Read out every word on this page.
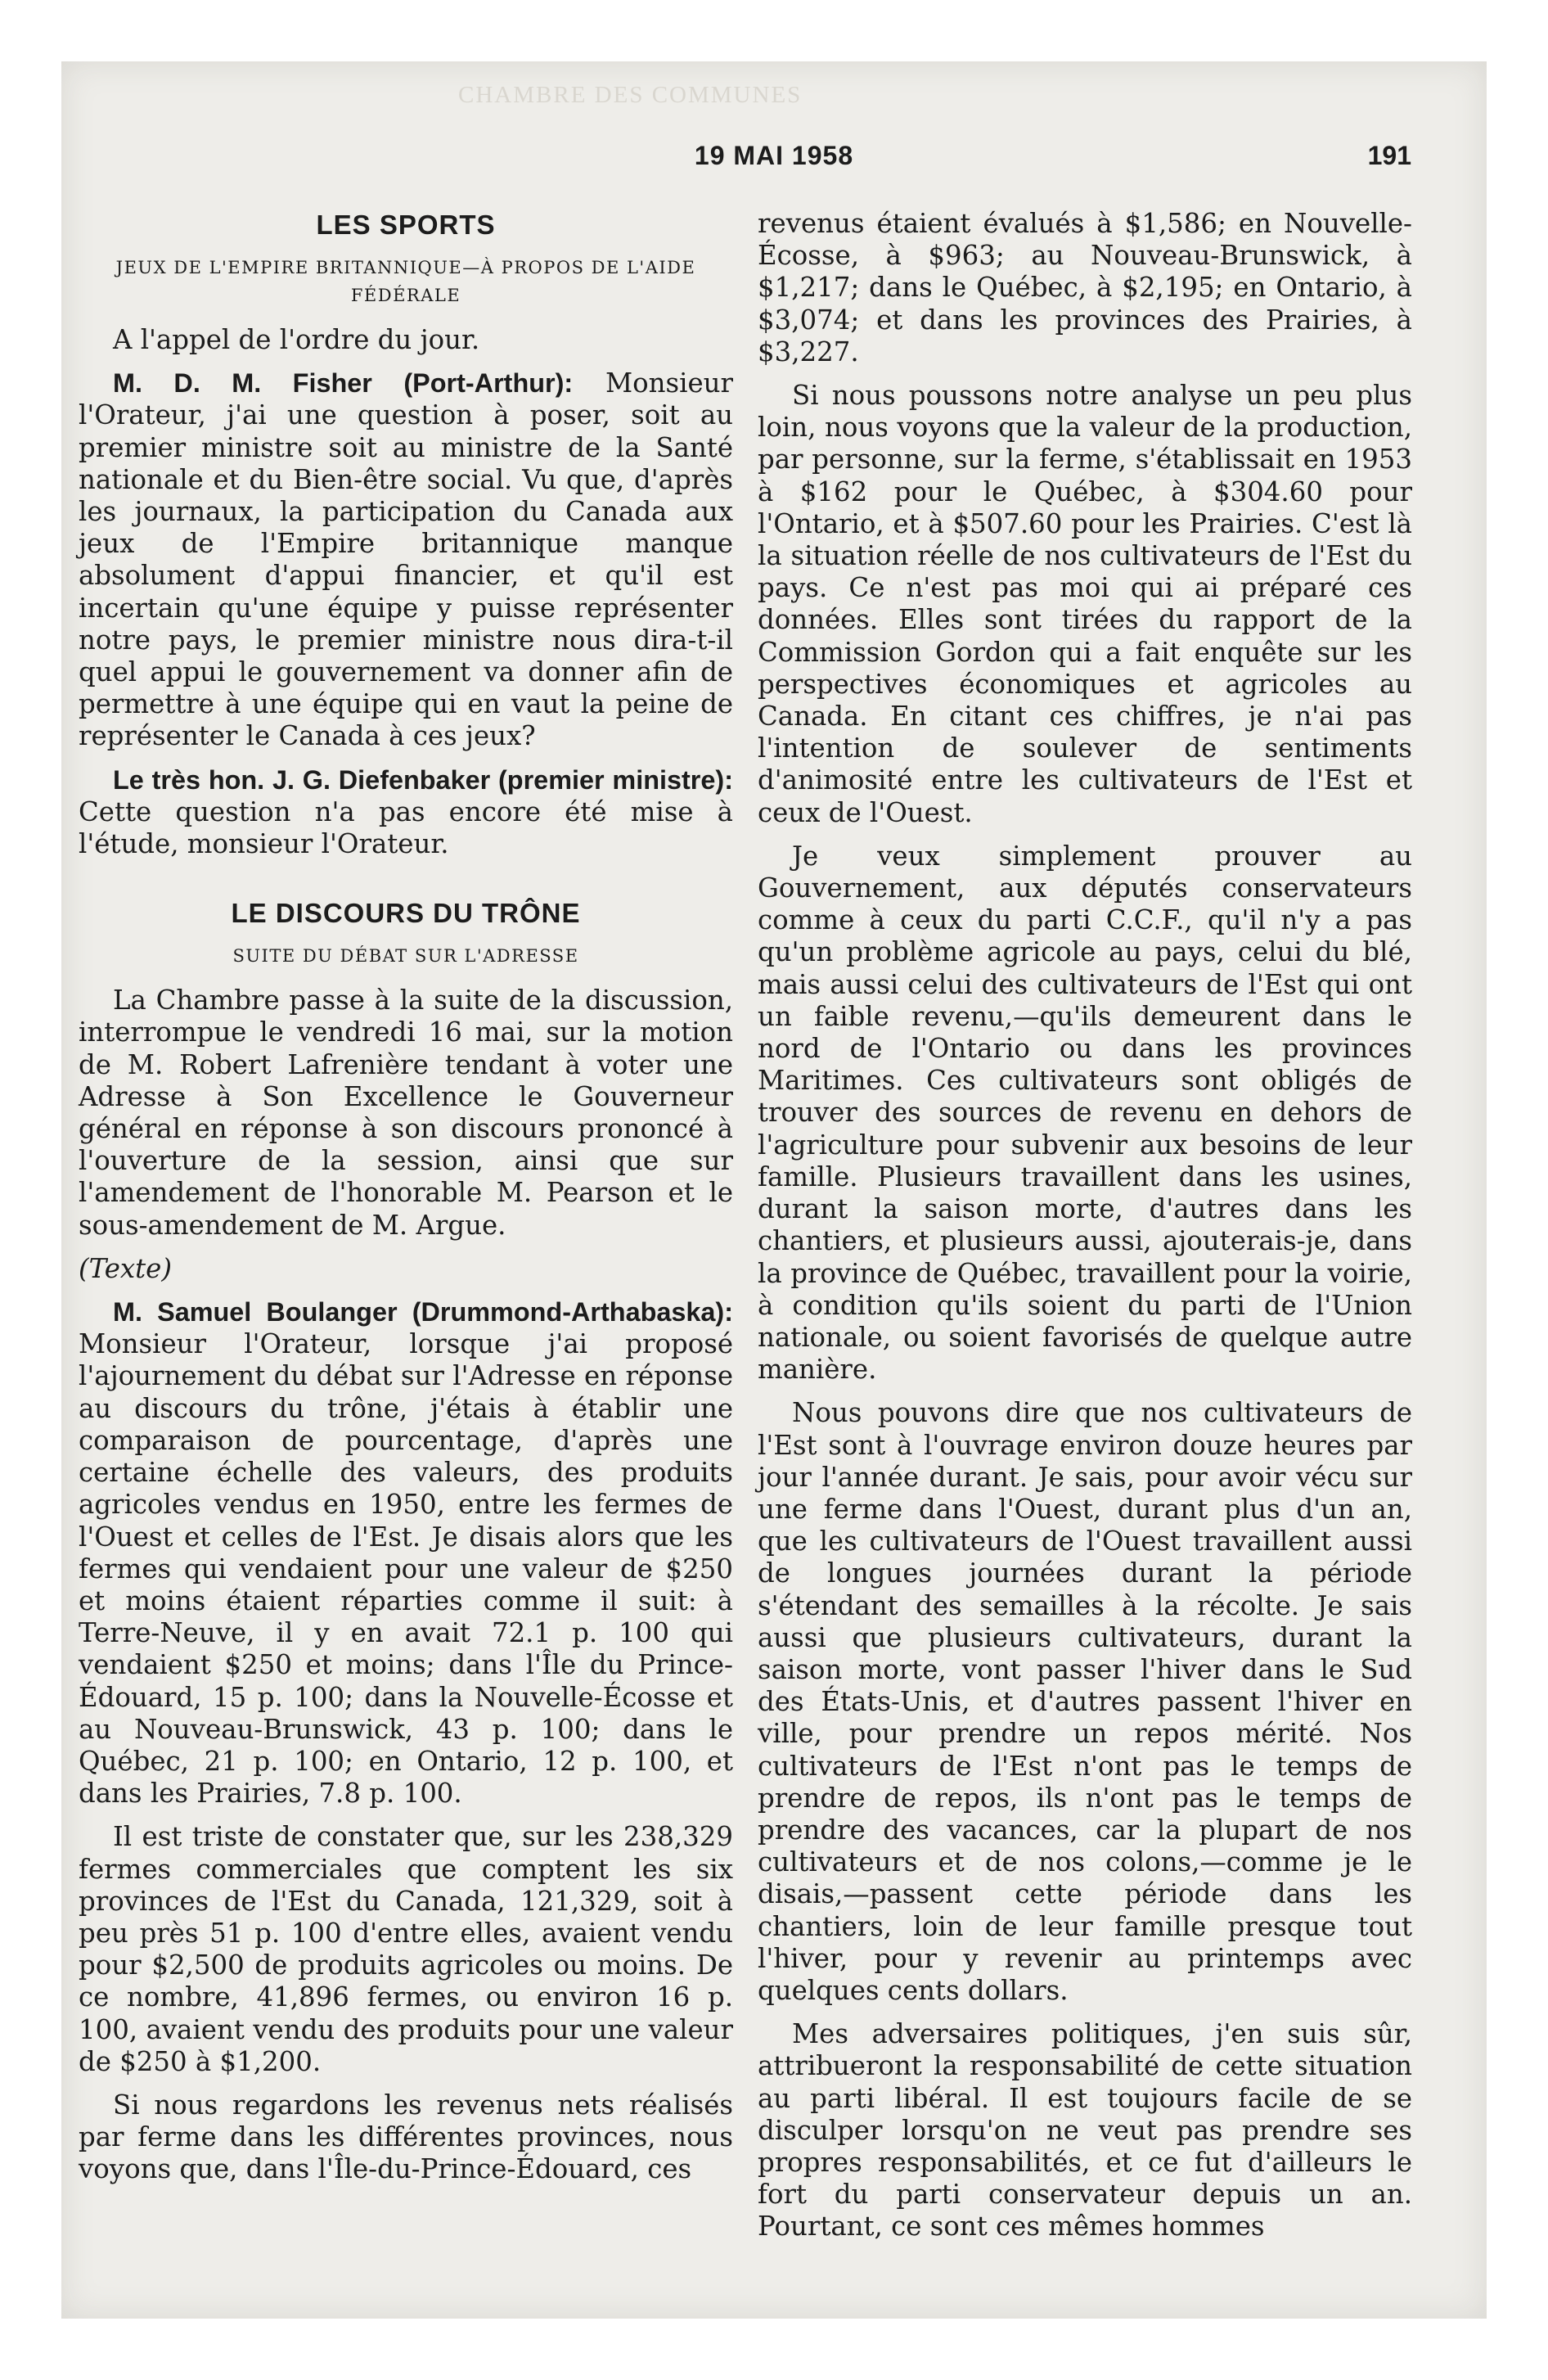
CHAMBRE DES COMMUNES
19 MAI 1958	191
LES SPORTS
JEUX DE L'EMPIRE BRITANNIQUE—À PROPOS DE L'AIDE FÉDÉRALE

A l'appel de l'ordre du jour.

M. D. M. Fisher (Port-Arthur): Monsieur l'Orateur, j'ai une question à poser, soit au premier ministre soit au ministre de la Santé nationale et du Bien-être social. Vu que, d'après les journaux, la participation du Canada aux jeux de l'Empire britannique manque absolument d'appui financier, et qu'il est incertain qu'une équipe y puisse représenter notre pays, le premier ministre nous dira-t-il quel appui le gouvernement va donner afin de permettre à une équipe qui en vaut la peine de représenter le Canada à ces jeux?

Le très hon. J. G. Diefenbaker (premier ministre): Cette question n'a pas encore été mise à l'étude, monsieur l'Orateur.

LE DISCOURS DU TRÔNE
SUITE DU DÉBAT SUR L'ADRESSE

La Chambre passe à la suite de la discussion, interrompue le vendredi 16 mai, sur la motion de M. Robert Lafrenière tendant à voter une Adresse à Son Excellence le Gouverneur général en réponse à son discours prononcé à l'ouverture de la session, ainsi que sur l'amendement de l'honorable M. Pearson et le sous-amendement de M. Argue.

(Texte)

M. Samuel Boulanger (Drummond-Arthabaska): Monsieur l'Orateur, lorsque j'ai proposé l'ajournement du débat sur l'Adresse en réponse au discours du trône, j'étais à établir une comparaison de pourcentage, d'après une certaine échelle des valeurs, des produits agricoles vendus en 1950, entre les fermes de l'Ouest et celles de l'Est. Je disais alors que les fermes qui vendaient pour une valeur de $250 et moins étaient réparties comme il suit: à Terre-Neuve, il y en avait 72.1 p. 100 qui vendaient $250 et moins; dans l'Île du Prince-Édouard, 15 p. 100; dans la Nouvelle-Écosse et au Nouveau-Brunswick, 43 p. 100; dans le Québec, 21 p. 100; en Ontario, 12 p. 100, et dans les Prairies, 7.8 p. 100.

Il est triste de constater que, sur les 238,329 fermes commerciales que comptent les six provinces de l'Est du Canada, 121,329, soit à peu près 51 p. 100 d'entre elles, avaient vendu pour $2,500 de produits agricoles ou moins. De ce nombre, 41,896 fermes, ou environ 16 p. 100, avaient vendu des produits pour une valeur de $250 à $1,200.

Si nous regardons les revenus nets réalisés par ferme dans les différentes provinces, nous voyons que, dans l'Île-du-Prince-Édouard, ces

revenus étaient évalués à $1,586; en Nouvelle-Écosse, à $963; au Nouveau-Brunswick, à $1,217; dans le Québec, à $2,195; en Ontario, à $3,074; et dans les provinces des Prairies, à $3,227.

Si nous poussons notre analyse un peu plus loin, nous voyons que la valeur de la production, par personne, sur la ferme, s'établissait en 1953 à $162 pour le Québec, à $304.60 pour l'Ontario, et à $507.60 pour les Prairies. C'est là la situation réelle de nos cultivateurs de l'Est du pays. Ce n'est pas moi qui ai préparé ces données. Elles sont tirées du rapport de la Commission Gordon qui a fait enquête sur les perspectives économiques et agricoles au Canada. En citant ces chiffres, je n'ai pas l'intention de soulever de sentiments d'animosité entre les cultivateurs de l'Est et ceux de l'Ouest.

Je veux simplement prouver au Gouvernement, aux députés conservateurs comme à ceux du parti C.C.F., qu'il n'y a pas qu'un problème agricole au pays, celui du blé, mais aussi celui des cultivateurs de l'Est qui ont un faible revenu,—qu'ils demeurent dans le nord de l'Ontario ou dans les provinces Maritimes. Ces cultivateurs sont obligés de trouver des sources de revenu en dehors de l'agriculture pour subvenir aux besoins de leur famille. Plusieurs travaillent dans les usines, durant la saison morte, d'autres dans les chantiers, et plusieurs aussi, ajouterais-je, dans la province de Québec, travaillent pour la voirie, à condition qu'ils soient du parti de l'Union nationale, ou soient favorisés de quelque autre manière.

Nous pouvons dire que nos cultivateurs de l'Est sont à l'ouvrage environ douze heures par jour l'année durant. Je sais, pour avoir vécu sur une ferme dans l'Ouest, durant plus d'un an, que les cultivateurs de l'Ouest travaillent aussi de longues journées durant la période s'étendant des semailles à la récolte. Je sais aussi que plusieurs cultivateurs, durant la saison morte, vont passer l'hiver dans le Sud des États-Unis, et d'autres passent l'hiver en ville, pour prendre un repos mérité. Nos cultivateurs de l'Est n'ont pas le temps de prendre de repos, ils n'ont pas le temps de prendre des vacances, car la plupart de nos cultivateurs et de nos colons,—comme je le disais,—passent cette période dans les chantiers, loin de leur famille presque tout l'hiver, pour y revenir au printemps avec quelques cents dollars.

Mes adversaires politiques, j'en suis sûr, attribueront la responsabilité de cette situation au parti libéral. Il est toujours facile de se disculper lorsqu'on ne veut pas prendre ses propres responsabilités, et ce fut d'ailleurs le fort du parti conservateur depuis un an. Pourtant, ce sont ces mêmes hommes
